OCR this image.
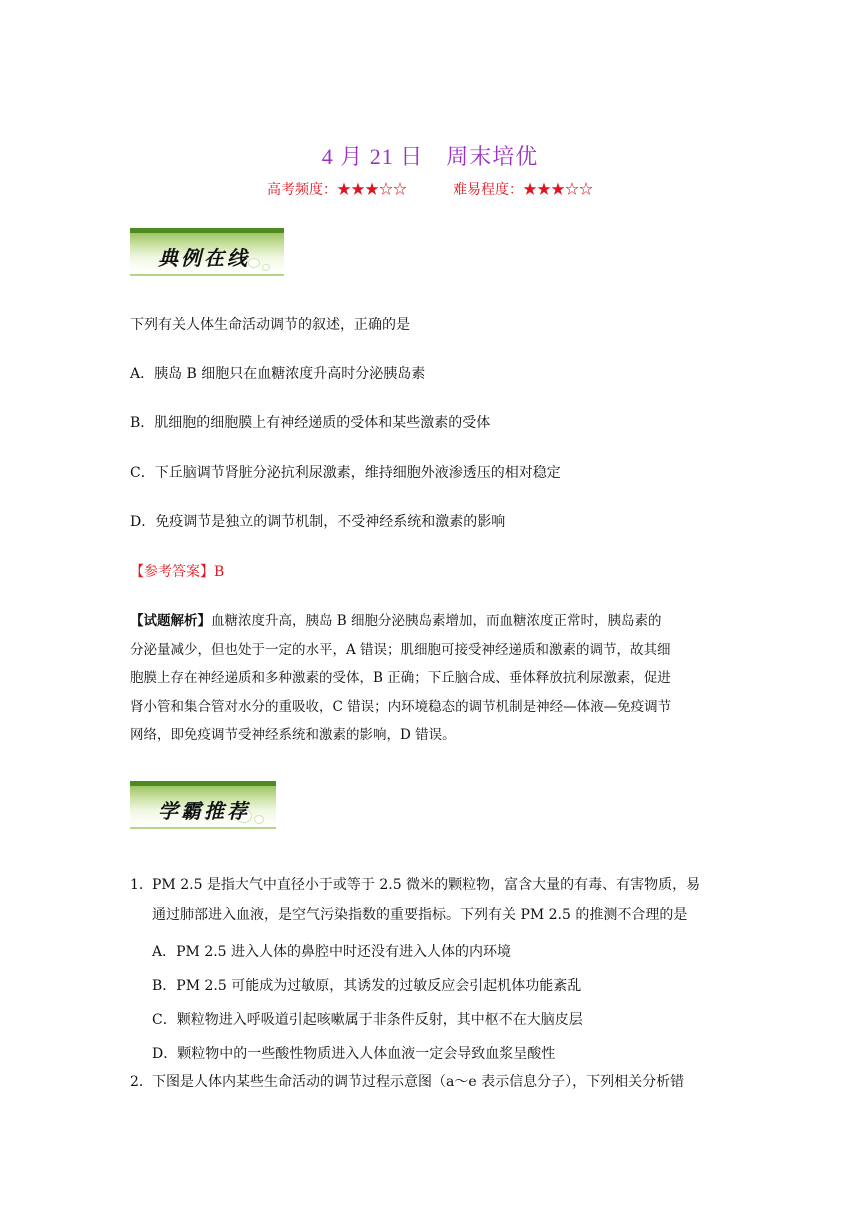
4 月 21 日　周末培优
高考频度：★★★☆☆	难易程度：★★★☆☆
典例在线

下列有关人体生命活动调节的叙述，正确的是

A．胰岛 B 细胞只在血糖浓度升高时分泌胰岛素

B．肌细胞的细胞膜上有神经递质的受体和某些激素的受体

C．下丘脑调节肾脏分泌抗利尿激素，维持细胞外液渗透压的相对稳定

D．免疫调节是独立的调节机制，不受神经系统和激素的影响

【参考答案】B

【试题解析】血糖浓度升高，胰岛 B 细胞分泌胰岛素增加，而血糖浓度正常时，胰岛素的
分泌量减少，但也处于一定的水平，A 错误；肌细胞可接受神经递质和激素的调节，故其细
胞膜上存在神经递质和多种激素的受体，B 正确；下丘脑合成、垂体释放抗利尿激素，促进
肾小管和集合管对水分的重吸收，C 错误；内环境稳态的调节机制是神经—体液—免疫调节
网络，即免疫调节受神经系统和激素的影响，D 错误。
学霸推荐
1．PM 2.5 是指大气中直径小于或等于 2.5 微米的颗粒物，富含大量的有毒、有害物质，易
通过肺部进入血液，是空气污染指数的重要指标。下列有关 PM 2.5 的推测不合理的是
A．PM 2.5 进入人体的鼻腔中时还没有进入人体的内环境
B．PM 2.5 可能成为过敏原，其诱发的过敏反应会引起机体功能紊乱
C．颗粒物进入呼吸道引起咳嗽属于非条件反射，其中枢不在大脑皮层
D．颗粒物中的一些酸性物质进入人体血液一定会导致血浆呈酸性
2．下图是人体内某些生命活动的调节过程示意图（a～e 表示信息分子），下列相关分析错
